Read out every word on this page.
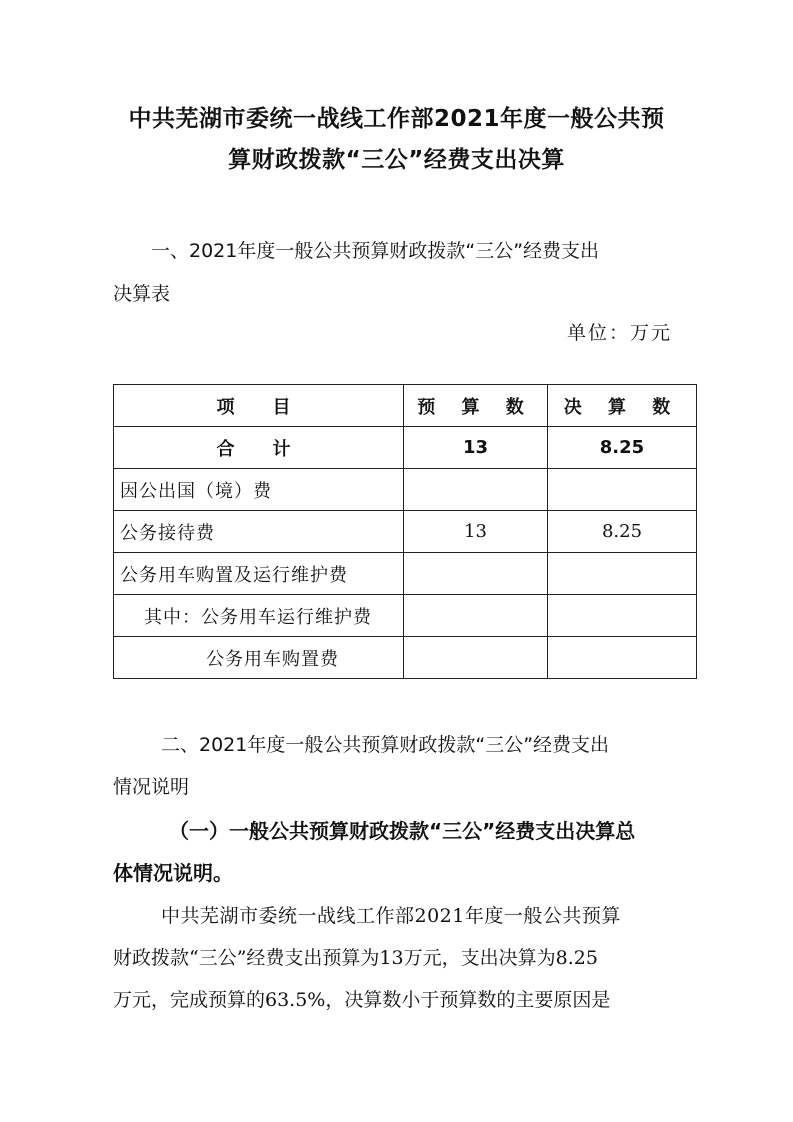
中共芜湖市委统一战线工作部2021年度一般公共预
算财政拨款“三公”经费支出决算
一、2021年度一般公共预算财政拨款“三公”经费支出
决算表
单位：万元
项　目	预 算 数	决 算 数
合　计	13	8.25
因公出国（境）费		
公务接待费	13	8.25
公务用车购置及运行维护费		
其中：公务用车运行维护费		
公务用车购置费		
二、2021年度一般公共预算财政拨款“三公”经费支出
情况说明
（一）一般公共预算财政拨款“三公”经费支出决算总
体情况说明。
中共芜湖市委统一战线工作部2021年度一般公共预算
财政拨款“三公”经费支出预算为13万元，支出决算为8.25
万元，完成预算的63.5%，决算数小于预算数的主要原因是
